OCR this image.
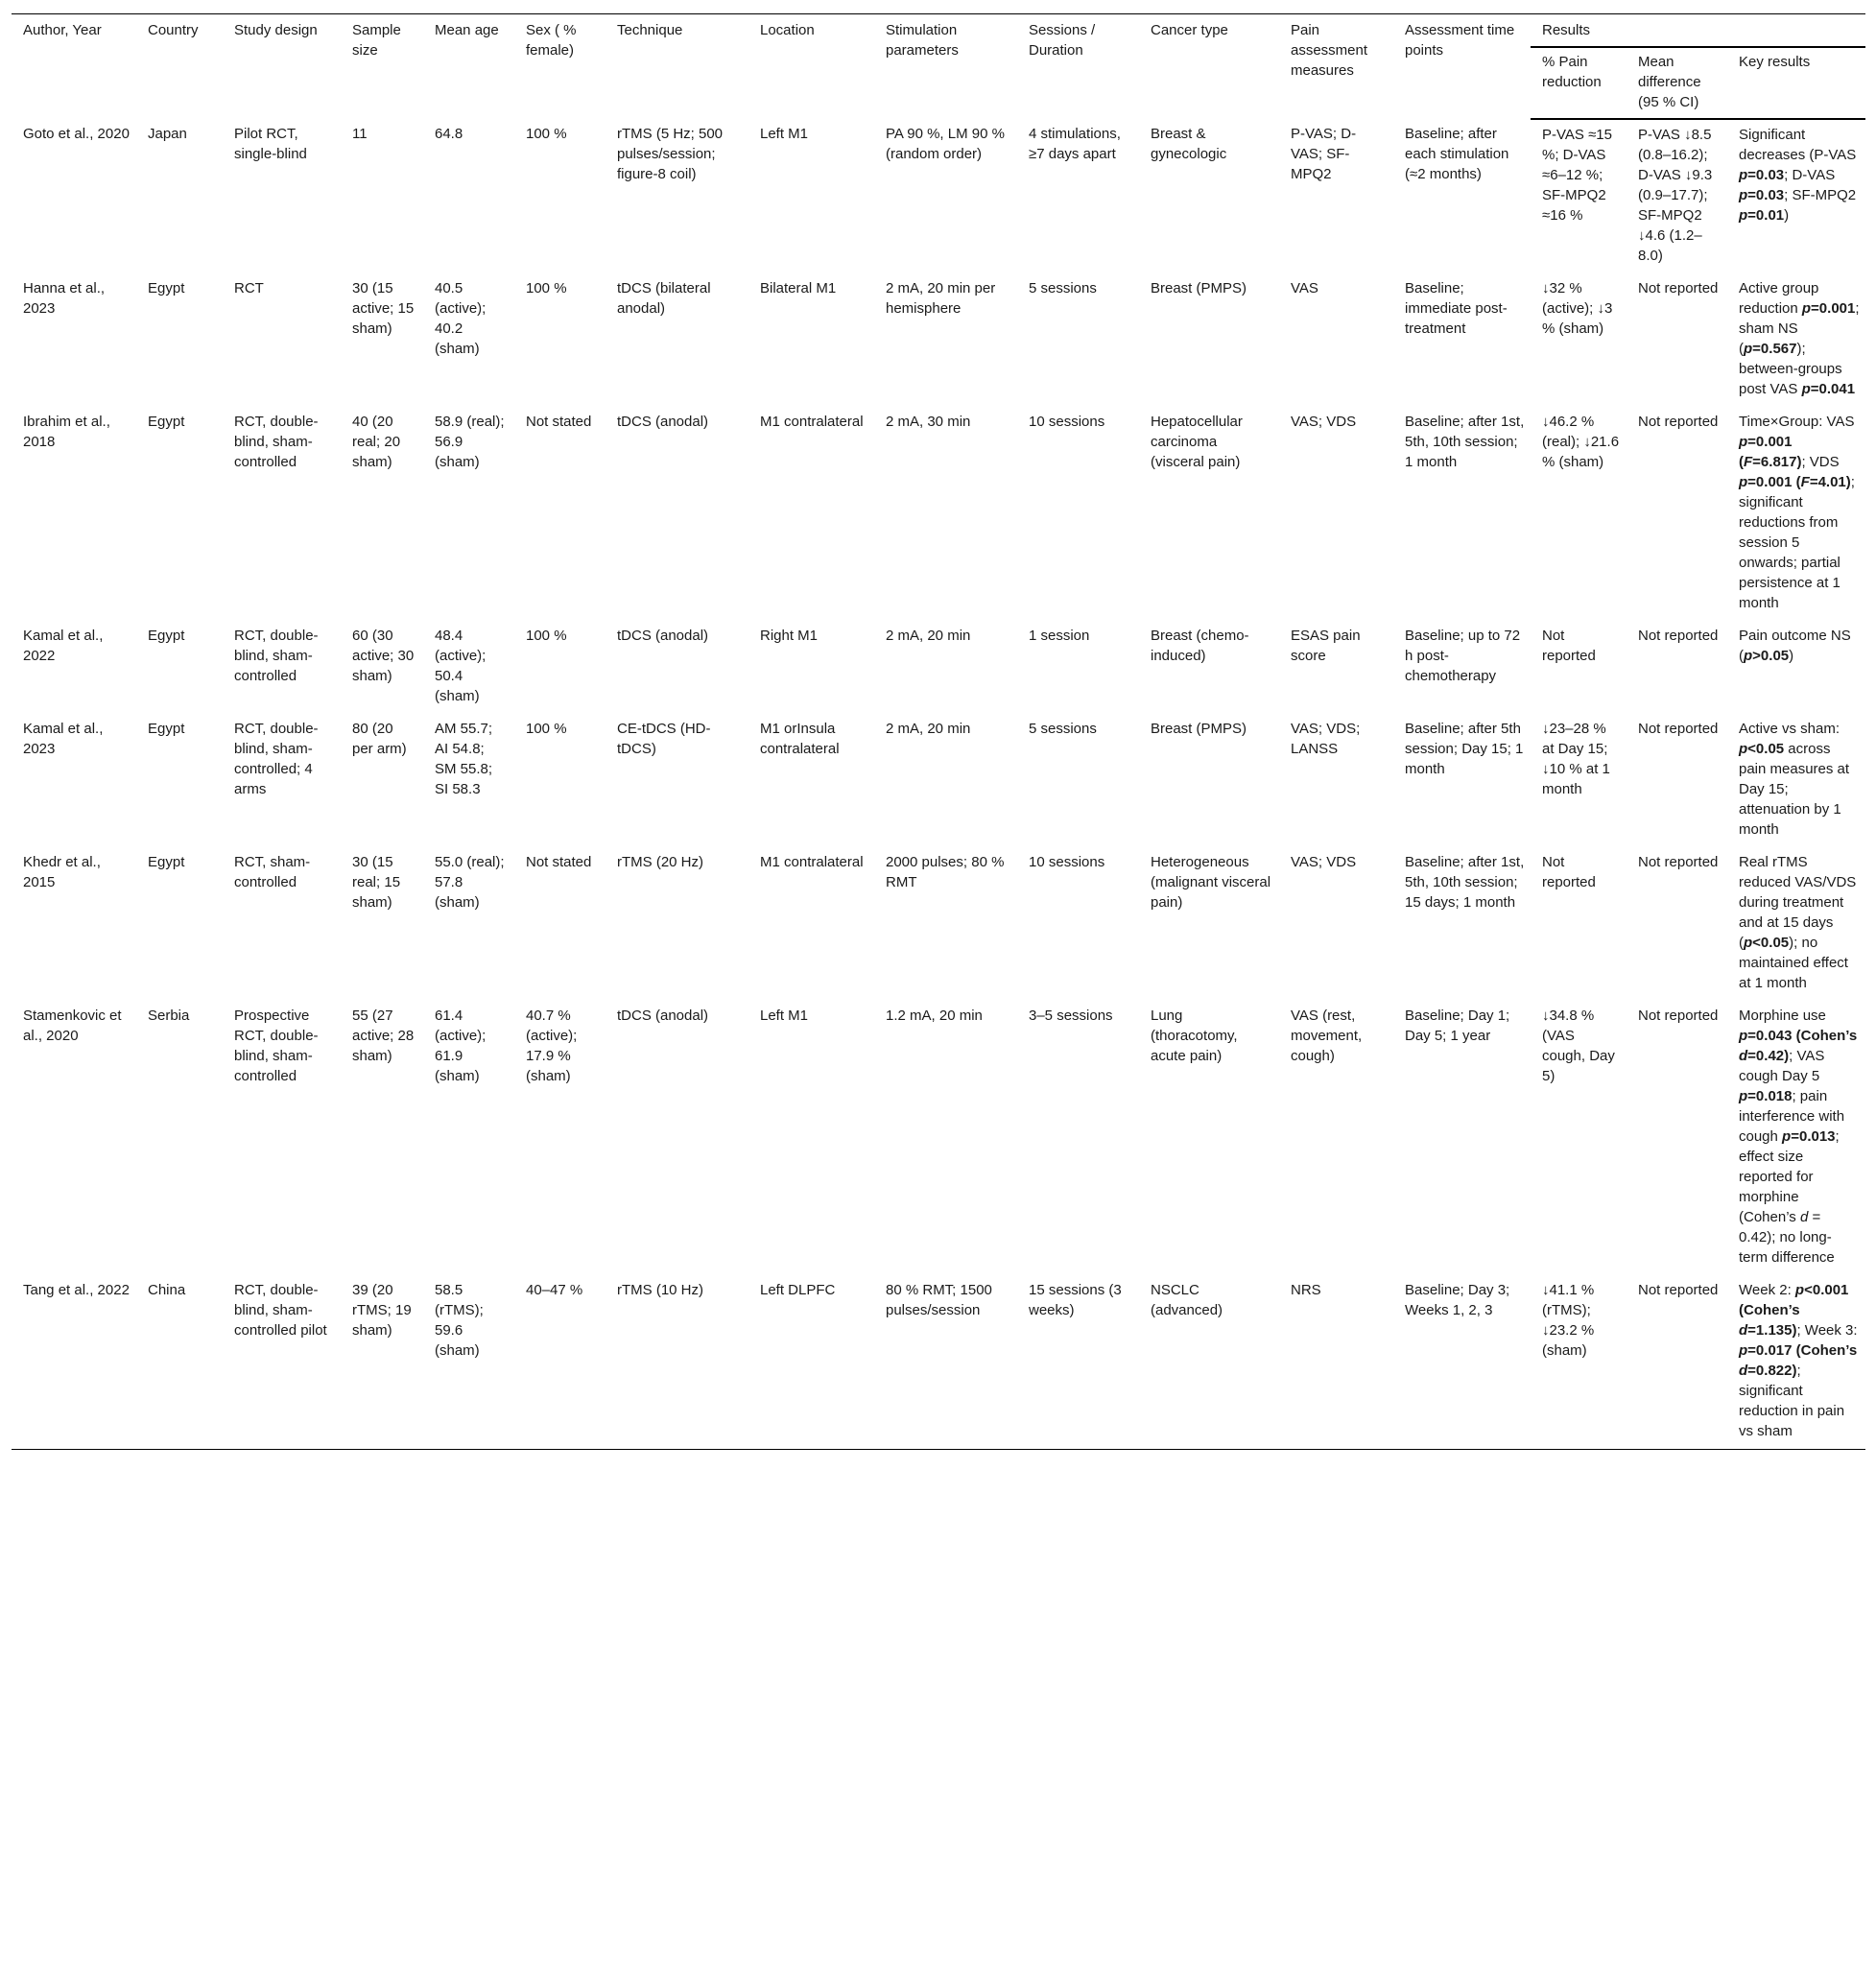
Author, Year	Country	Study design	Sample size	Mean age	Sex ( % female)	Technique	Location	Stimulation parameters	Sessions / Duration	Cancer type	Pain assessment measures	Assessment time points	Results		
													% Pain reduction	Mean difference (95 % CI)	Key results
Goto et al., 2020	Japan	Pilot RCT, single-blind	11	64.8	100 %	rTMS (5 Hz; 500 pulses/session; figure-8 coil)	Left M1	PA 90 %, LM 90 % (random order)	4 stimulations, ≥7 days apart	Breast & gynecologic	P-VAS; D-VAS; SF-MPQ2	Baseline; after each stimulation (≈2 months)	P-VAS ≈15 %; D-VAS ≈6–12 %; SF-MPQ2 ≈16 %	P-VAS ↓8.5 (0.8–16.2); D-VAS ↓9.3 (0.9–17.7); SF-MPQ2 ↓4.6 (1.2–8.0)	Significant decreases (P-VAS p=0.03; D-VAS p=0.03; SF-MPQ2 p=0.01)
Hanna et al., 2023	Egypt	RCT	30 (15 active; 15 sham)	40.5 (active); 40.2 (sham)	100 %	tDCS (bilateral anodal)	Bilateral M1	2 mA, 20 min per hemisphere	5 sessions	Breast (PMPS)	VAS	Baseline; immediate post-treatment	↓32 % (active); ↓3 % (sham)	Not reported	Active group reduction p=0.001; sham NS (p=0.567); between-groups post VAS p=0.041
Ibrahim et al., 2018	Egypt	RCT, double-blind, sham-controlled	40 (20 real; 20 sham)	58.9 (real); 56.9 (sham)	Not stated	tDCS (anodal)	M1 contralateral	2 mA, 30 min	10 sessions	Hepatocellular carcinoma (visceral pain)	VAS; VDS	Baseline; after 1st, 5th, 10th session; 1 month	↓46.2 % (real); ↓21.6 % (sham)	Not reported	Time×Group: VAS p=0.001 (F=6.817); VDS p=0.001 (F=4.01); significant reductions from session 5 onwards; partial persistence at 1 month
Kamal et al., 2022	Egypt	RCT, double-blind, sham-controlled	60 (30 active; 30 sham)	48.4 (active); 50.4 (sham)	100 %	tDCS (anodal)	Right M1	2 mA, 20 min	1 session	Breast (chemo-induced)	ESAS pain score	Baseline; up to 72 h post-chemotherapy	Not reported	Not reported	Pain outcome NS (p>0.05)
Kamal et al., 2023	Egypt	RCT, double-blind, sham-controlled; 4 arms	80 (20 per arm)	AM 55.7; AI 54.8; SM 55.8; SI 58.3	100 %	CE-tDCS (HD-tDCS)	M1 orInsula contralateral	2 mA, 20 min	5 sessions	Breast (PMPS)	VAS; VDS; LANSS	Baseline; after 5th session; Day 15; 1 month	↓23–28 % at Day 15; ↓10 % at 1 month	Not reported	Active vs sham: p<0.05 across pain measures at Day 15; attenuation by 1 month
Khedr et al., 2015	Egypt	RCT, sham-controlled	30 (15 real; 15 sham)	55.0 (real); 57.8 (sham)	Not stated	rTMS (20 Hz)	M1 contralateral	2000 pulses; 80 % RMT	10 sessions	Heterogeneous (malignant visceral pain)	VAS; VDS	Baseline; after 1st, 5th, 10th session; 15 days; 1 month	Not reported	Not reported	Real rTMS reduced VAS/VDS during treatment and at 15 days (p<0.05); no maintained effect at 1 month
Stamenkovic et al., 2020	Serbia	Prospective RCT, double-blind, sham-controlled	55 (27 active; 28 sham)	61.4 (active); 61.9 (sham)	40.7 % (active); 17.9 % (sham)	tDCS (anodal)	Left M1	1.2 mA, 20 min	3–5 sessions	Lung (thoracotomy, acute pain)	VAS (rest, movement, cough)	Baseline; Day 1; Day 5; 1 year	↓34.8 % (VAS cough, Day 5)	Not reported	Morphine use p=0.043 (Cohen’s d=0.42); VAS cough Day 5 p=0.018; pain interference with cough p=0.013; effect size reported for morphine (Cohen’s d = 0.42); no long-term difference
Tang et al., 2022	China	RCT, double-blind, sham-controlled pilot	39 (20 rTMS; 19 sham)	58.5 (rTMS); 59.6 (sham)	40–47 %	rTMS (10 Hz)	Left DLPFC	80 % RMT; 1500 pulses/session	15 sessions (3 weeks)	NSCLC (advanced)	NRS	Baseline; Day 3; Weeks 1, 2, 3	↓41.1 % (rTMS); ↓23.2 % (sham)	Not reported	Week 2: p<0.001 (Cohen’s d=1.135); Week 3: p=0.017 (Cohen’s d=0.822); significant reduction in pain vs sham
